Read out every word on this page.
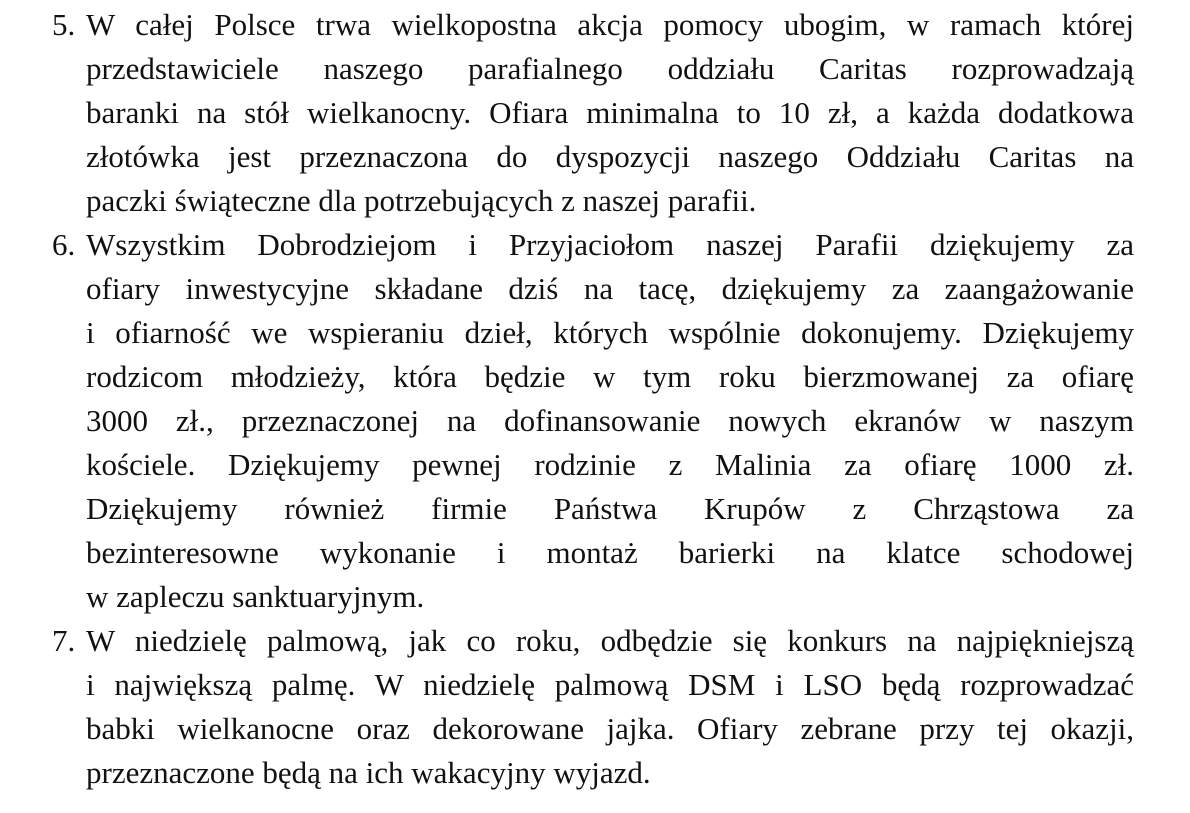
5. W całej Polsce trwa wielkopostna akcja pomocy ubogim, w ramach której
przedstawiciele naszego parafialnego oddziału Caritas rozprowadzają
baranki na stół wielkanocny. Ofiara minimalna to 10 zł, a każda dodatkowa
złotówka jest przeznaczona do dyspozycji naszego Oddziału Caritas na
paczki świąteczne dla potrzebujących z naszej parafii.
6. Wszystkim Dobrodziejom i Przyjaciołom naszej Parafii dziękujemy za
ofiary inwestycyjne składane dziś na tacę, dziękujemy za zaangażowanie
i ofiarność we wspieraniu dzieł, których wspólnie dokonujemy. Dziękujemy
rodzicom młodzieży, która będzie w tym roku bierzmowanej za ofiarę
3000 zł., przeznaczonej na dofinansowanie nowych ekranów w naszym
kościele. Dziękujemy pewnej rodzinie z Malinia za ofiarę 1000 zł.
Dziękujemy również firmie Państwa Krupów z Chrząstowa za
bezinteresowne wykonanie i montaż barierki na klatce schodowej
w zapleczu sanktuaryjnym.
7. W niedzielę palmową, jak co roku, odbędzie się konkurs na najpiękniejszą
i największą palmę. W niedzielę palmową DSM i LSO będą rozprowadzać
babki wielkanocne oraz dekorowane jajka. Ofiary zebrane przy tej okazji,
przeznaczone będą na ich wakacyjny wyjazd.
